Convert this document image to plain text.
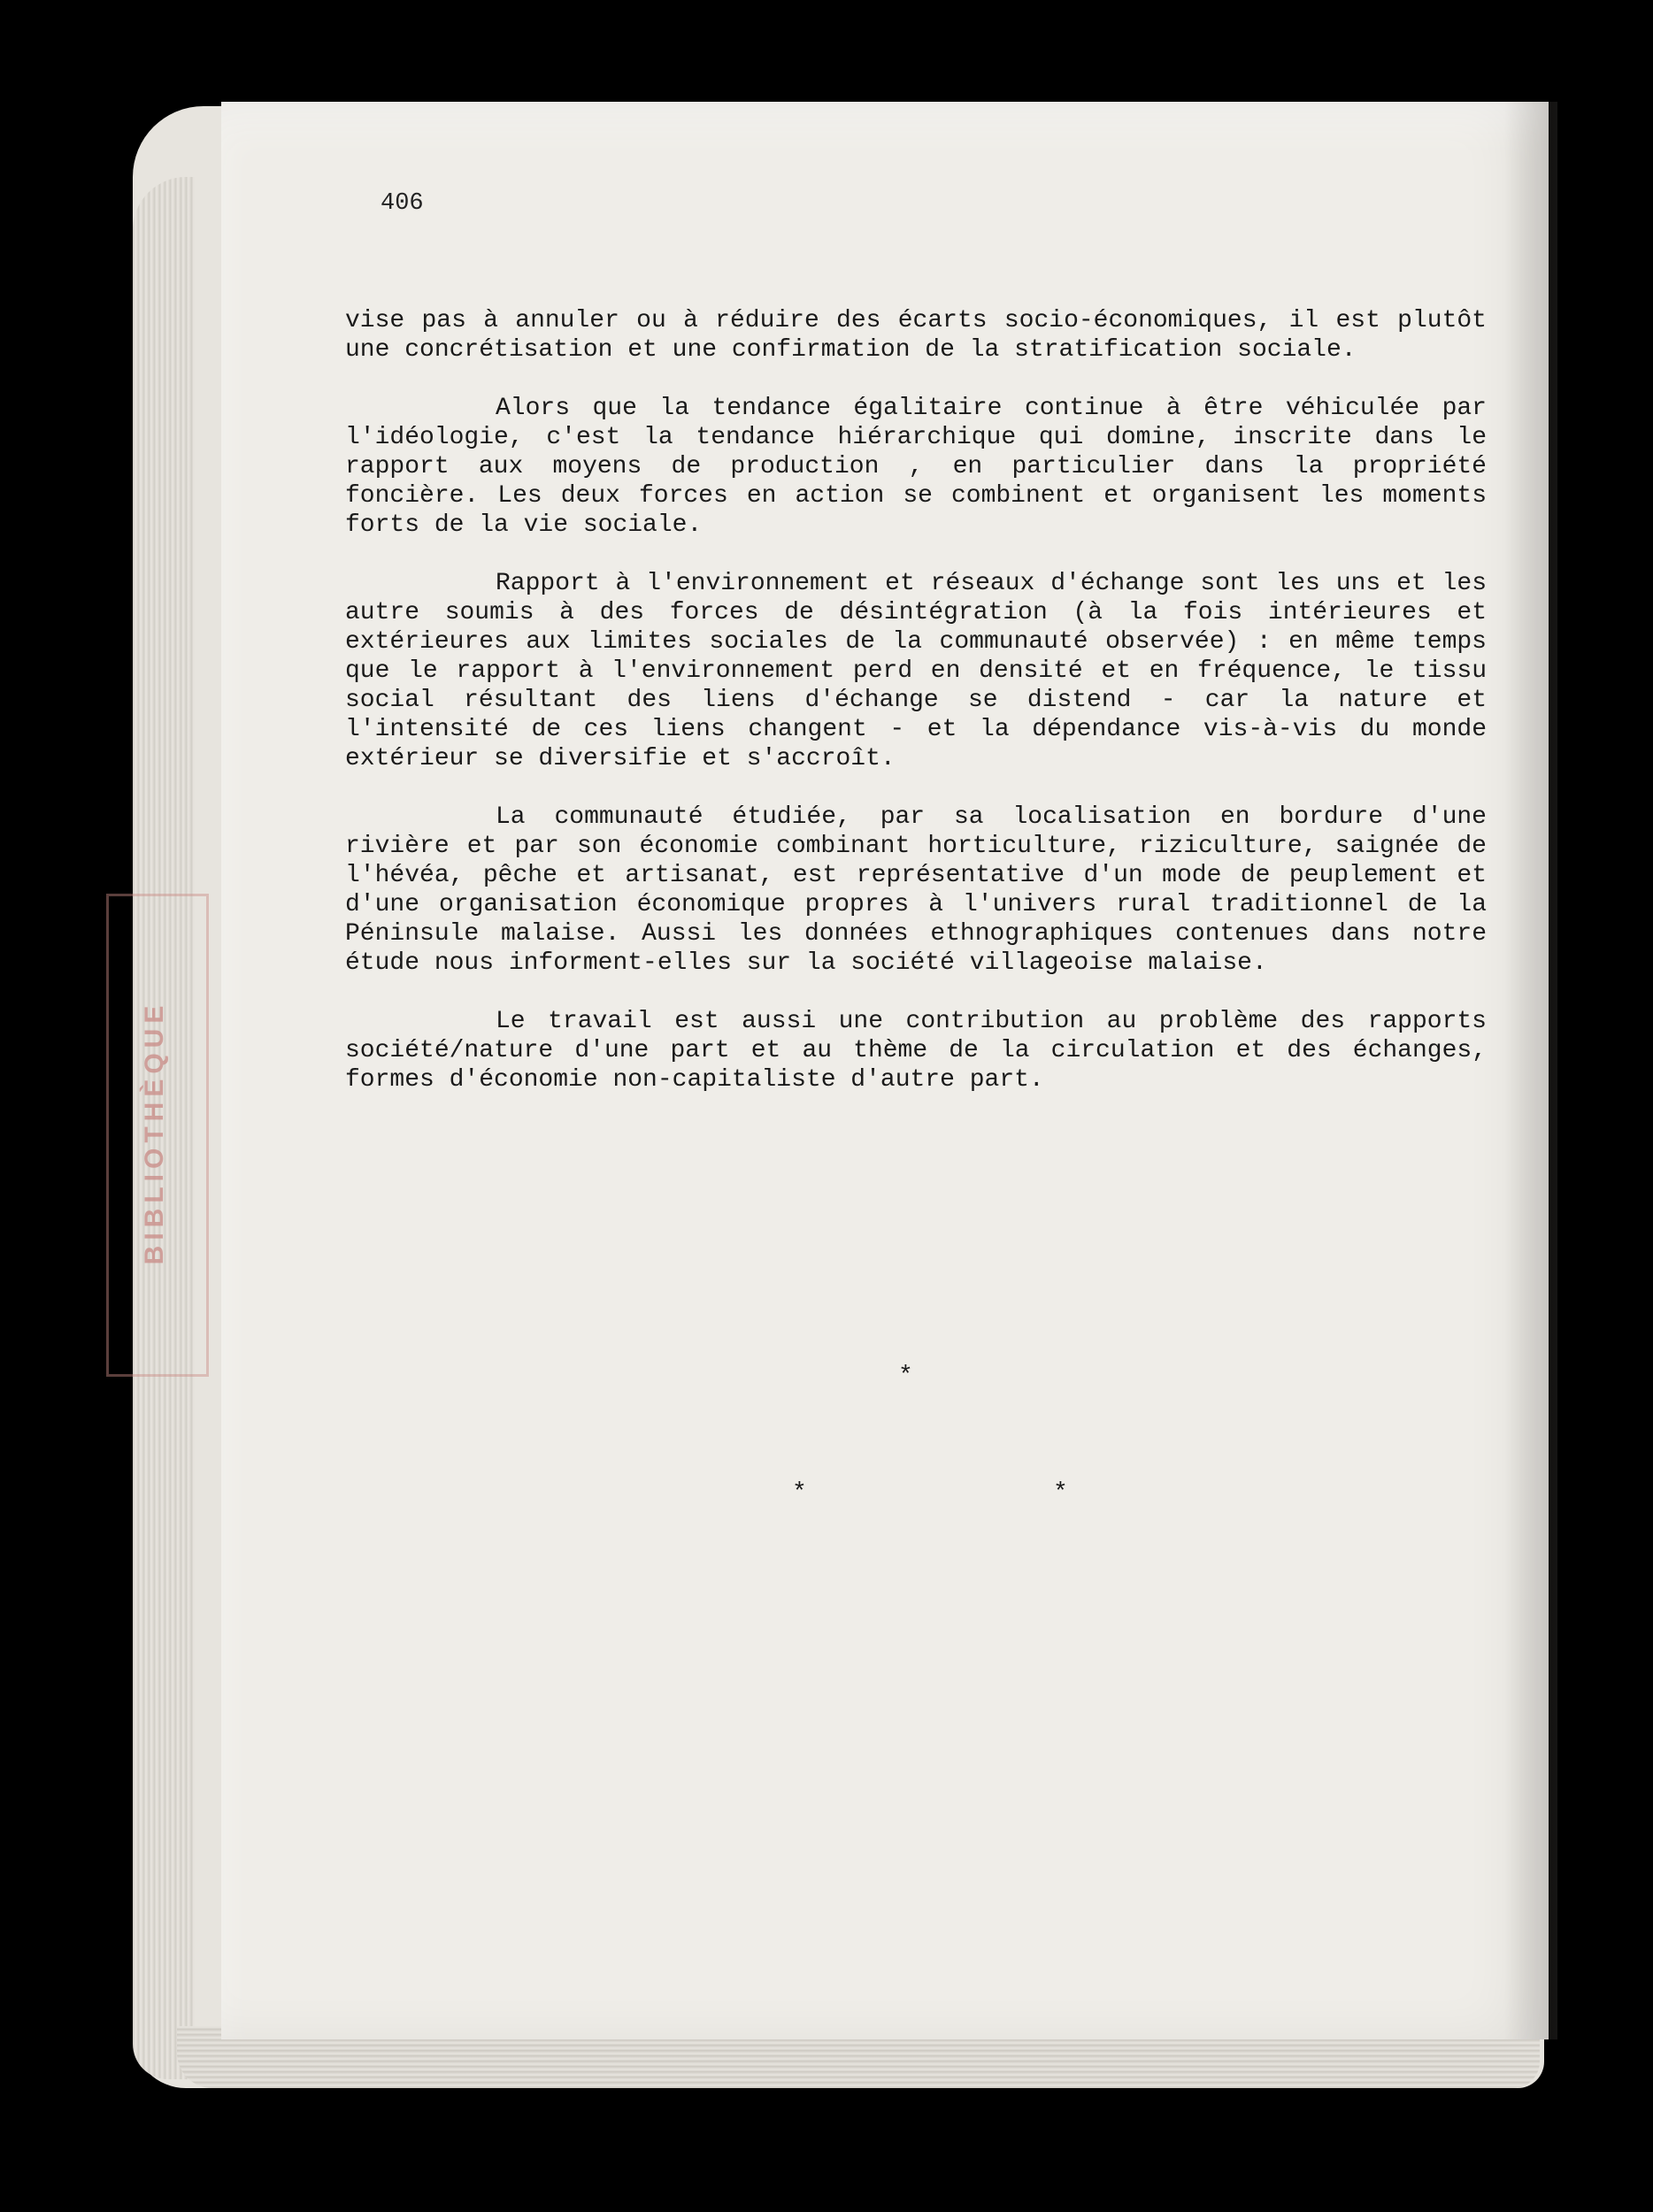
BIBLIOTHÈQUE
406

vise pas à annuler ou à réduire des écarts socio-économiques, il est plutôt une concrétisation et une confirmation de la stratification sociale.

Alors que la tendance égalitaire continue à être véhiculée par l'idéologie, c'est la tendance hiérarchique qui domine, inscrite dans le rapport aux moyens de production , en particulier dans la propriété foncière. Les deux forces en action se combinent et organisent les moments forts de la vie sociale.

Rapport à l'environnement et réseaux d'échange sont les uns et les autre soumis à des forces de désintégration (à la fois intérieures et extérieures aux limites sociales de la communauté observée) : en même temps que le rapport à l'environnement perd en densité et en fréquence, le tissu social résultant des liens d'échange se distend - car la nature et l'intensité de ces liens changent - et la dépendance vis-à-vis du monde extérieur se diversifie et s'accroît.

La communauté étudiée, par sa localisation en bordure d'une rivière et par son économie combinant horticulture, riziculture, saignée de l'hévéa, pêche et artisanat, est représentative d'un mode de peuplement et d'une organisation économique propres à l'univers rural traditionnel de la Péninsule malaise. Aussi les données ethnographiques contenues dans notre étude nous informent-elles sur la société villageoise malaise.

Le travail est aussi une contribution au problème des rapports société/nature d'une part et au thème de la circulation et des échanges, formes d'économie non-capitaliste d'autre part.

*
*	*
